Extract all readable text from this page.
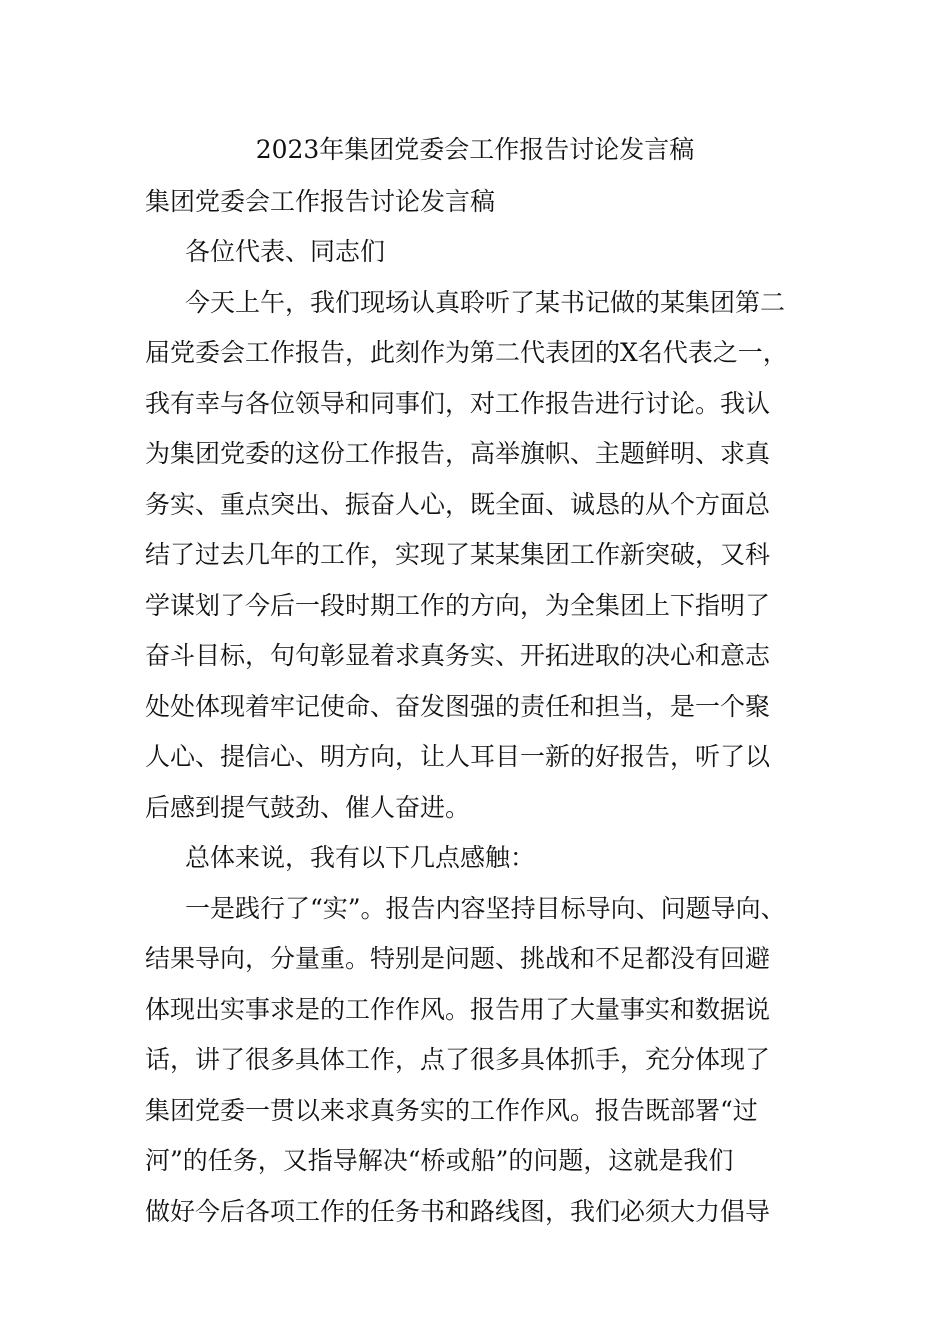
2023年集团党委会工作报告讨论发言稿
集团党委会工作报告讨论发言稿
各位代表、同志们
今天上午，我们现场认真聆听了某书记做的某集团第二
届党委会工作报告，此刻作为第二代表团的X名代表之一，
我有幸与各位领导和同事们，对工作报告进行讨论。我认
为集团党委的这份工作报告，高举旗帜、主题鲜明、求真
务实、重点突出、振奋人心，既全面、诚恳的从个方面总
结了过去几年的工作，实现了某某集团工作新突破，又科
学谋划了今后一段时期工作的方向，为全集团上下指明了
奋斗目标，句句彰显着求真务实、开拓进取的决心和意志
处处体现着牢记使命、奋发图强的责任和担当，是一个聚
人心、提信心、明方向，让人耳目一新的好报告，听了以
后感到提气鼓劲、催人奋进。
总体来说，我有以下几点感触：
一是践行了“实”。报告内容坚持目标导向、问题导向、
结果导向，分量重。特别是问题、挑战和不足都没有回避
体现出实事求是的工作作风。报告用了大量事实和数据说
话，讲了很多具体工作，点了很多具体抓手，充分体现了
集团党委一贯以来求真务实的工作作风。报告既部署“过
河”的任务，又指导解决“桥或船”的问题，这就是我们
做好今后各项工作的任务书和路线图，我们必须大力倡导
